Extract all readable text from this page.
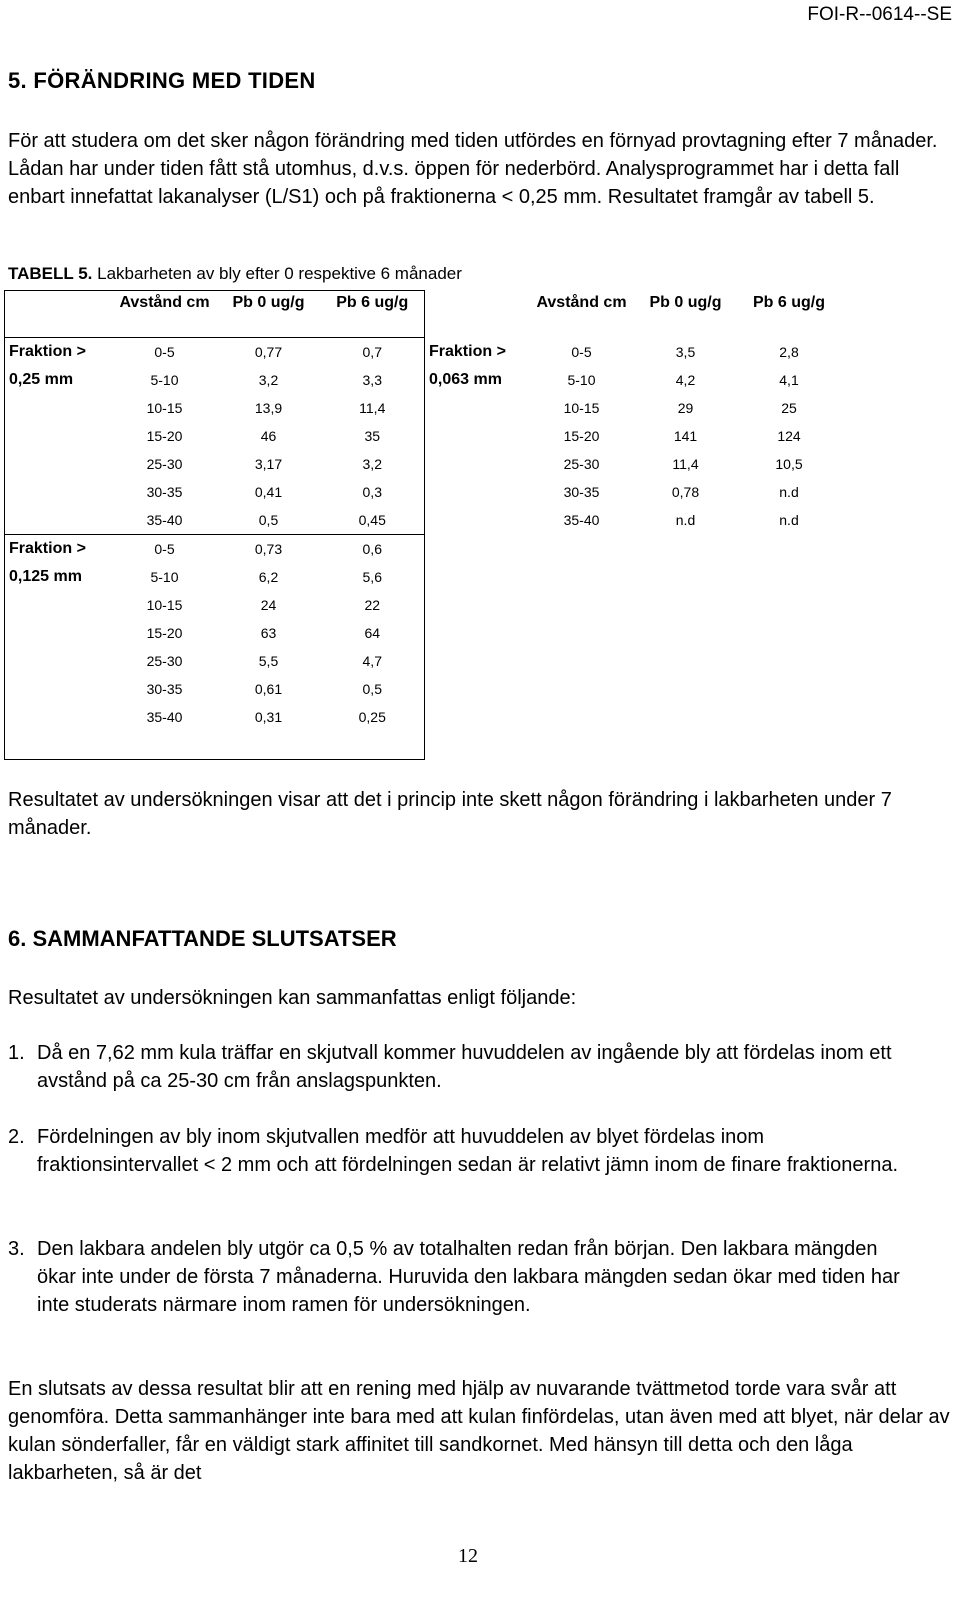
FOI-R--0614--SE
5. FÖRÄNDRING MED TIDEN
För att studera om det sker någon förändring med tiden utfördes en förnyad provtagning efter 7 månader. Lådan har under tiden fått stå utomhus, d.v.s. öppen för nederbörd. Analysprogrammet har i detta fall enbart innefattat lakanalyser (L/S1) och på fraktionerna < 0,25 mm. Resultatet framgår av tabell 5.
TABELL 5. Lakbarheten av bly efter 0 respektive 6 månader
	Avstånd cm	Pb 0 ug/g	Pb 6 ug/g		Avstånd cm	Pb 0 ug/g	Pb 6 ug/g
Fraktion >	0-5	0,77	0,7	Fraktion >	0-5	3,5	2,8
0,25 mm	5-10	3,2	3,3	0,063 mm	5-10	4,2	4,1
	10-15	13,9	11,4		10-15	29	25
	15-20	46	35		15-20	141	124
	25-30	3,17	3,2		25-30	11,4	10,5
	30-35	0,41	0,3		30-35	0,78	n.d
	35-40	0,5	0,45		35-40	n.d	n.d
Fraktion >	0-5	0,73	0,6				
0,125 mm	5-10	6,2	5,6				
	10-15	24	22				
	15-20	63	64				
	25-30	5,5	4,7				
	30-35	0,61	0,5				
	35-40	0,31	0,25				

Resultatet av undersökningen visar att det i princip inte skett någon förändring i lakbarheten under 7 månader.
6. SAMMANFATTANDE SLUTSATSER
Resultatet av undersökningen kan sammanfattas enligt följande:
1. Då en 7,62 mm kula träffar en skjutvall kommer huvuddelen av ingående bly att fördelas inom ett avstånd på ca 25-30 cm från anslagspunkten.
2. Fördelningen av bly inom skjutvallen medför att huvuddelen av blyet fördelas inom fraktionsintervallet < 2 mm och att fördelningen sedan är relativt jämn inom de finare fraktionerna.
3. Den lakbara andelen bly utgör ca 0,5 % av totalhalten redan från början. Den lakbara mängden ökar inte under de första 7 månaderna. Huruvida den lakbara mängden sedan ökar med tiden har inte studerats närmare inom ramen för undersökningen.
En slutsats av dessa resultat blir att en rening med hjälp av nuvarande tvättmetod torde vara svår att genomföra. Detta sammanhänger inte bara med att kulan finfördelas, utan även med att blyet, när delar av kulan sönderfaller, får en väldigt stark affinitet till sandkornet. Med hänsyn till detta och den låga lakbarheten, så är det
12
